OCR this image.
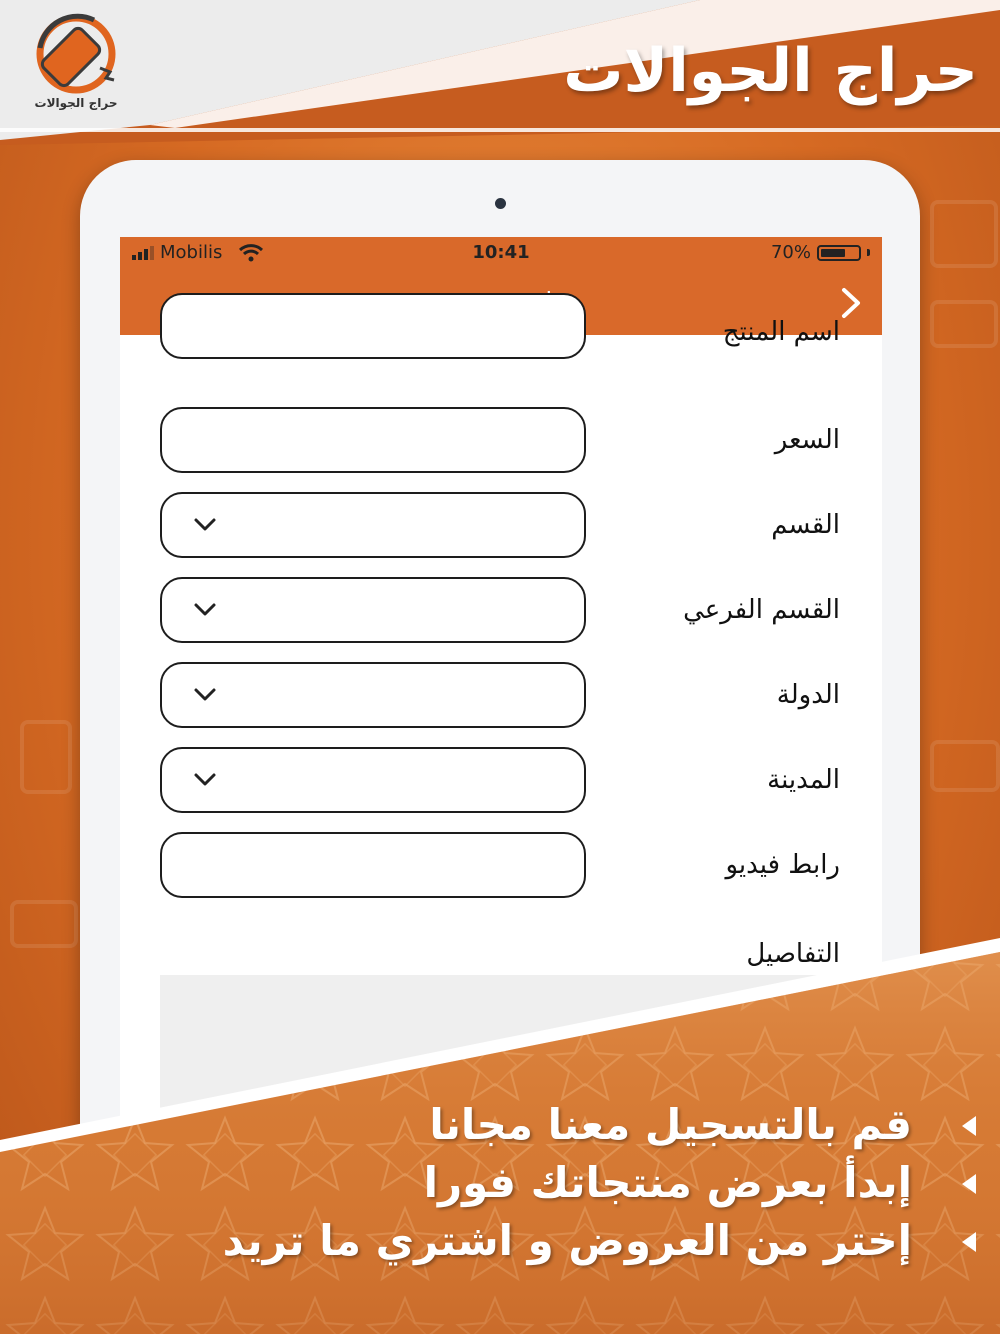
حراج الجوالات	حراج الجوالات
Mobilis	10:41	70%
اسم المنتج
السعر
القسم
القسم الفرعي
الدولة
المدينة
رابط فيديو
التفاصيل
قم بالتسجيل معنا مجانا
إبدأ بعرض منتجاتك فورا
إختر من العروض و اشتري ما تريد
